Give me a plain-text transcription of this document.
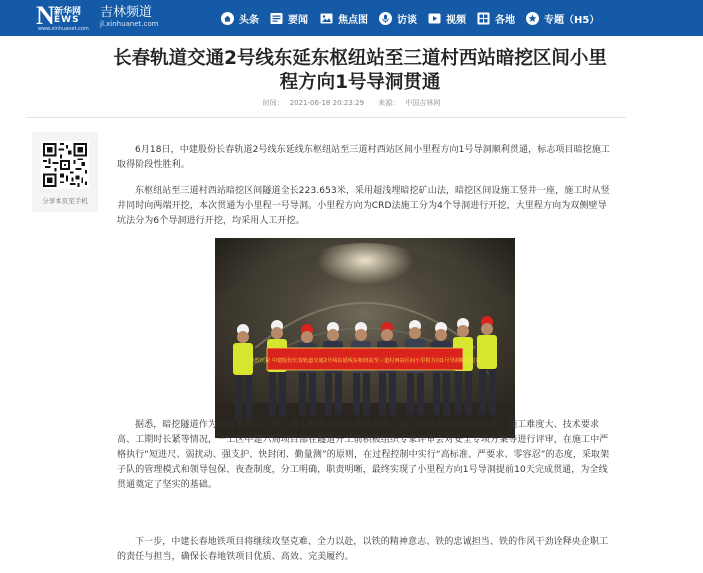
N 新华网
EWS
www.xinhuanet.com
吉林频道
jl.xinhuanet.com	头条	要闻	焦点图	访谈	视频	各地	专题（H5）
长春轨道交通2号线东延东枢纽站至三道村西站暗挖区间小里程方向1号导洞贯通
时间： 2021-06-18 20:23:29 来源： 中国吉林网
分享本页至手机

6月18日，中建股份长春轨道2号线东延线东枢纽站至三道村西站区间小里程方向1号导洞顺利贯通，标志项目暗挖施工取得阶段性胜利。

东枢纽站至三道村西站暗挖区间隧道全长223.653米，采用超浅埋暗挖矿山法，暗挖区间设施工竖井一座，施工时从竖井同时向两端开挖，本次贯通为小里程一号导洞。小里程方向为CRD法施工分为4个导洞进行开挖，大里程方向为双侧壁导坑法分为6个导洞进行开挖，均采用人工开挖。

热烈庆祝 中建股份长春轨道交通2号线东延线东枢纽站至三道村西站区间小里程方向1号导洞顺利贯通

据悉，暗挖隧道作为项目重难点工程，施工难度为长春地铁在施之最，面对项目地质条件差、施工难度大、技术要求高、工期时长紧等情况，一工区中建六局项目部在隧道开工前积极组织专家评审会对安全专项方案等进行评审，在施工中严格执行“短进尺、弱扰动、强支护、快封闭、勤量测”的原则，在过程控制中实行“高标准、严要求、零容忍”的态度，采取架子队的管理模式和领导包保、夜查制度，分工明确，职责明晰，最终实现了小里程方向1号导洞提前10天完成贯通，为全线贯通奠定了坚实的基础。

下一步，中建长春地铁项目将继续攻坚克难、全力以赴，以铁的精神意志、铁的忠诚担当、铁的作风干劲诠释央企职工的责任与担当，确保长春地铁项目优质、高效、完美履约。
